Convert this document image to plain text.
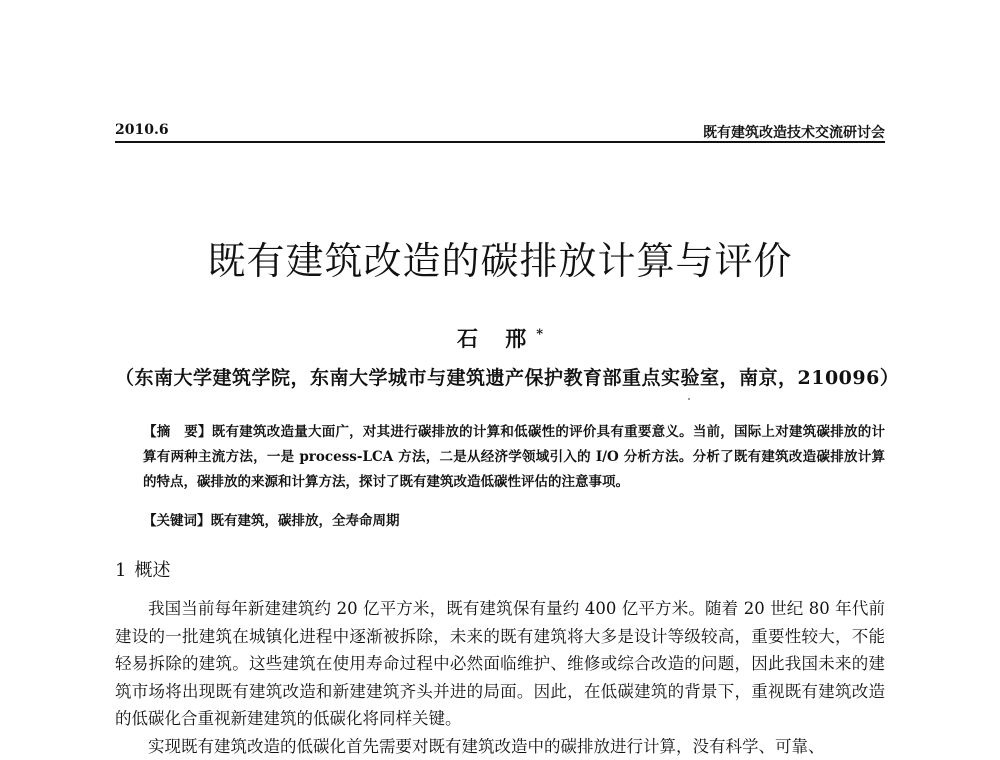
2010.6	既有建筑改造技术交流研讨会
既有建筑改造的碳排放计算与评价
石 邢*
（东南大学建筑学院，东南大学城市与建筑遗产保护教育部重点实验室，南京，210096）
【摘　要】既有建筑改造量大面广，对其进行碳排放的计算和低碳性的评价具有重要意义。当前，国际上对建筑碳排放的计算有两种主流方法，一是 process-LCA 方法，二是从经济学领域引入的 I/O 分析方法。分析了既有建筑改造碳排放计算的特点，碳排放的来源和计算方法，探讨了既有建筑改造低碳性评估的注意事项。
【关键词】既有建筑，碳排放，全寿命周期
1 概述

我国当前每年新建建筑约 20 亿平方米，既有建筑保有量约 400 亿平方米。随着 20 世纪 80 年代前建设的一批建筑在城镇化进程中逐渐被拆除，未来的既有建筑将大多是设计等级较高，重要性较大，不能轻易拆除的建筑。这些建筑在使用寿命过程中必然面临维护、维修或综合改造的问题，因此我国未来的建筑市场将出现既有建筑改造和新建建筑齐头并进的局面。因此，在低碳建筑的背景下，重视既有建筑改造的低碳化合重视新建建筑的低碳化将同样关键。

实现既有建筑改造的低碳化首先需要对既有建筑改造中的碳排放进行计算，没有科学、可靠、
